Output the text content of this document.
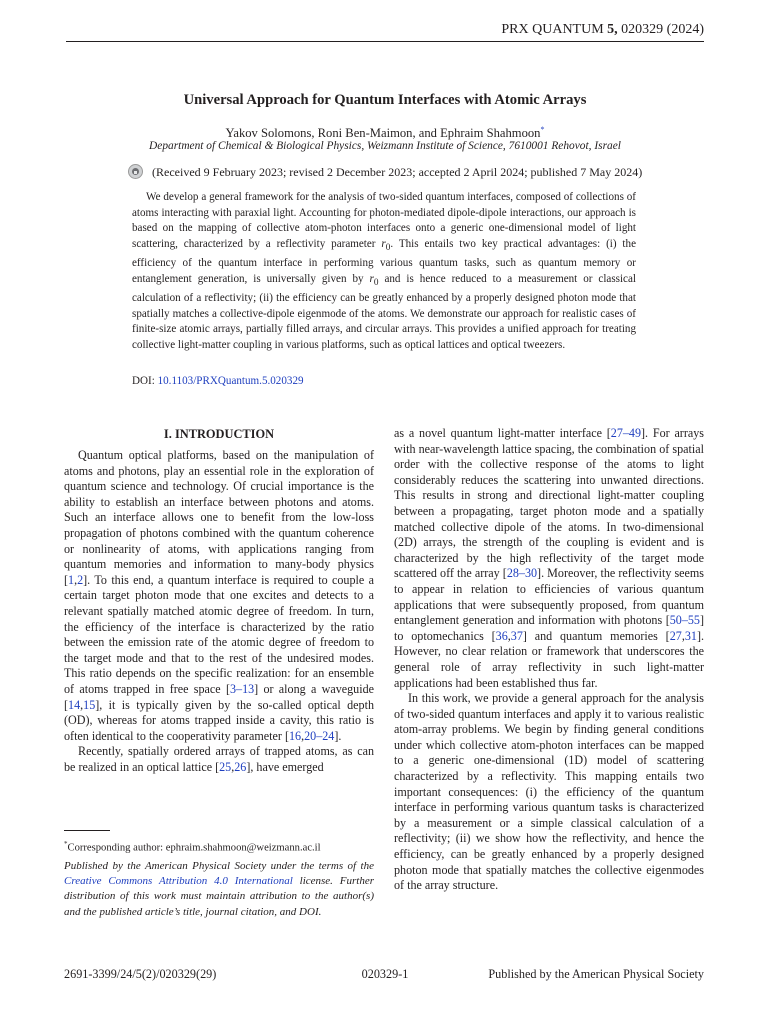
PRX QUANTUM 5, 020329 (2024)
Universal Approach for Quantum Interfaces with Atomic Arrays
Yakov Solomons, Roni Ben-Maimon, and Ephraim Shahmoon*
Department of Chemical & Biological Physics, Weizmann Institute of Science, 7610001 Rehovot, Israel
(Received 9 February 2023; revised 2 December 2023; accepted 2 April 2024; published 7 May 2024)
We develop a general framework for the analysis of two-sided quantum interfaces, composed of collections of atoms interacting with paraxial light. Accounting for photon-mediated dipole-dipole interactions, our approach is based on the mapping of collective atom-photon interfaces onto a generic one-dimensional model of light scattering, characterized by a reflectivity parameter $r_0$. This entails two key practical advantages: (i) the efficiency of the quantum interface in performing various quantum tasks, such as quantum memory or entanglement generation, is universally given by $r_0$ and is hence reduced to a measurement or classical calculation of a reflectivity; (ii) the efficiency can be greatly enhanced by a properly designed photon mode that spatially matches a collective-dipole eigenmode of the atoms. We demonstrate our approach for realistic cases of finite-size atomic arrays, partially filled arrays, and circular arrays. This provides a unified approach for treating collective light-matter coupling in various platforms, such as optical lattices and optical tweezers.
DOI: 10.1103/PRXQuantum.5.020329
I. INTRODUCTION

Quantum optical platforms, based on the manipulation of atoms and photons, play an essential role in the exploration of quantum science and technology. Of crucial importance is the ability to establish an interface between photons and atoms. Such an interface allows one to benefit from the low-loss propagation of photons combined with the quantum coherence or nonlinearity of atoms, with applications ranging from quantum memories and information to many-body physics [1,2]. To this end, a quantum interface is required to couple a certain target photon mode that one excites and detects to a relevant spatially matched atomic degree of freedom. In turn, the efficiency of the interface is characterized by the ratio between the emission rate of the atomic degree of freedom to the target mode and that to the rest of the undesired modes. This ratio depends on the specific realization: for an ensemble of atoms trapped in free space [3–13] or along a waveguide [14,15], it is typically given by the so-called optical depth (OD), whereas for atoms trapped inside a cavity, this ratio is often identical to the cooperativity parameter [16,20–24].

Recently, spatially ordered arrays of trapped atoms, as can be realized in an optical lattice [25,26], have emerged

*Corresponding author: ephraim.shahmoon@weizmann.ac.il
Published by the American Physical Society under the terms of the Creative Commons Attribution 4.0 International license. Further distribution of this work must maintain attribution to the author(s) and the published article’s title, journal citation, and DOI.

as a novel quantum light-matter interface [27–49]. For arrays with near-wavelength lattice spacing, the combination of spatial order with the collective response of the atoms to light considerably reduces the scattering into unwanted directions. This results in strong and directional light-matter coupling between a propagating, target photon mode and a spatially matched collective dipole of the atoms. In two-dimensional (2D) arrays, the strength of the coupling is evident and is characterized by the high reflectivity of the target mode scattered off the array [28–30]. Moreover, the reflectivity seems to appear in relation to efficiencies of various quantum applications that were subsequently proposed, from quantum entanglement generation and information with photons [50–55] to optomechanics [36,37] and quantum memories [27,31]. However, no clear relation or framework that underscores the general role of array reflectivity in such light-matter applications had been established thus far.

In this work, we provide a general approach for the analysis of two-sided quantum interfaces and apply it to various realistic atom-array problems. We begin by finding general conditions under which collective atom-photon interfaces can be mapped to a generic one-dimensional (1D) model of scattering characterized by a reflectivity. This mapping entails two important consequences: (i) the efficiency of the quantum interface in performing various quantum tasks is characterized by a measurement or a simple classical calculation of a reflectivity; (ii) we show how the reflectivity, and hence the efficiency, can be greatly enhanced by a properly designed photon mode that spatially matches the collective eigenmodes of the array structure.

2691-3399/24/5(2)/020329(29)	020329-1	Published by the American Physical Society
